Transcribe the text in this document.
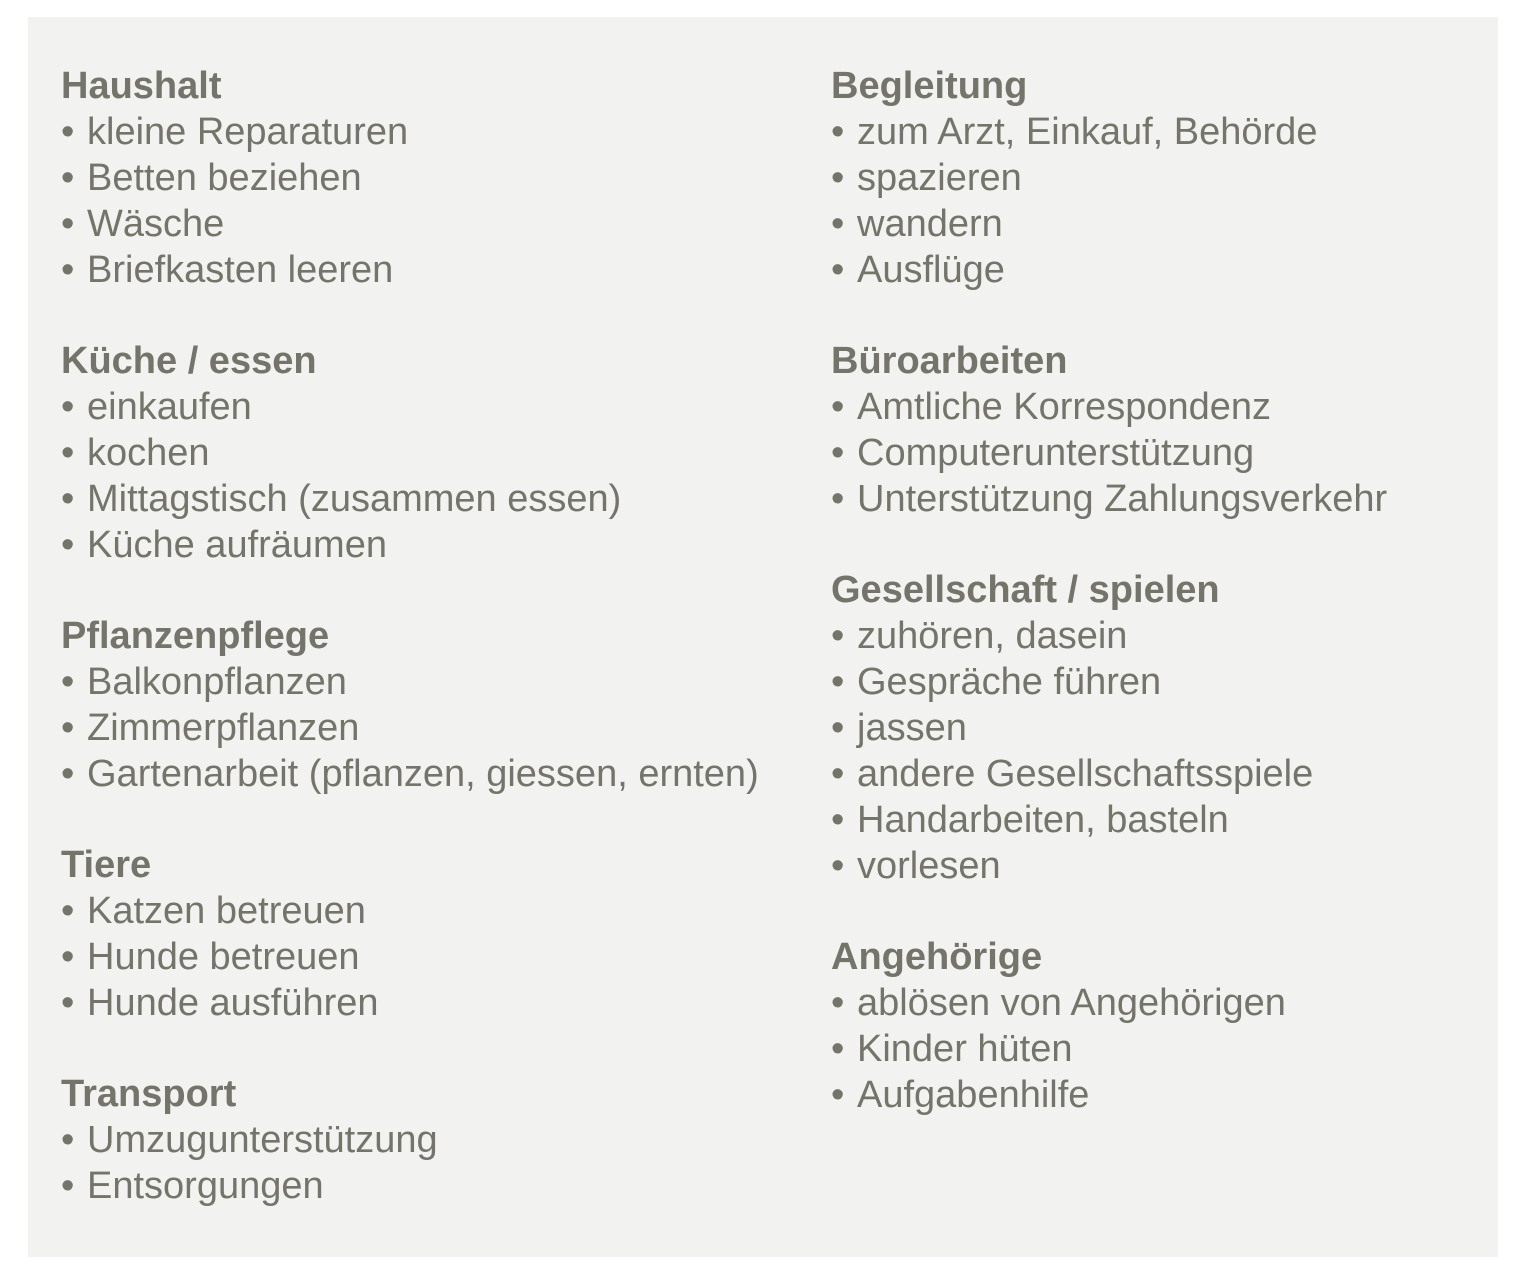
Haushalt
• kleine Reparaturen
• Betten beziehen
• Wäsche
• Briefkasten leeren
Küche / essen
• einkaufen
• kochen
• Mittagstisch (zusammen essen)
• Küche aufräumen
Pflanzenpflege
• Balkonpflanzen
• Zimmerpflanzen
• Gartenarbeit (pflanzen, giessen, ernten)
Tiere
• Katzen betreuen
• Hunde betreuen
• Hunde ausführen
Transport
• Umzugunterstützung
• Entsorgungen
Begleitung
• zum Arzt, Einkauf, Behörde
• spazieren
• wandern
• Ausflüge
Büroarbeiten
• Amtliche Korrespondenz
• Computerunterstützung
• Unterstützung Zahlungsverkehr
Gesellschaft / spielen
• zuhören, dasein
• Gespräche führen
• jassen
• andere Gesellschaftsspiele
• Handarbeiten, basteln
• vorlesen
Angehörige
• ablösen von Angehörigen
• Kinder hüten
• Aufgabenhilfe
